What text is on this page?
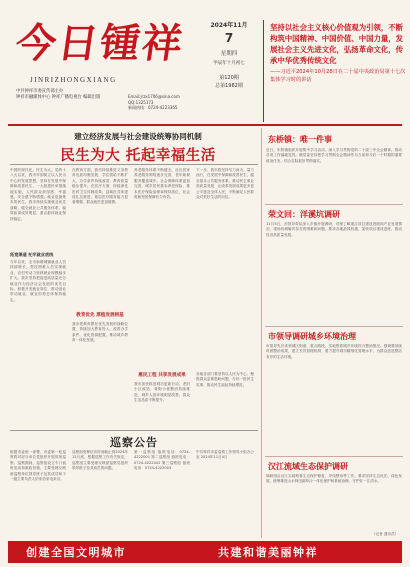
今日锺祥
JINRIZHONGXIANG
中共钟祥市委宣传部主办
钟祥市融媒体中心 钟祥广播电视台 编辑出版	Email:jrzx1706@sina.com
QQ:1325173
新闻热线：0724-4223365
2024年11月
7
星期四
甲辰年十月初七
第120期
总第1982期
坚持以社会主义核心价值观为引领，不断构筑中国精神、中国价值、中国力量，发展社会主义先进文化，弘扬革命文化，传承中华优秀传统文化
——习近平2024年10月28日在二十届中央政治局第十七次集体学习时的讲话
建立经济发展与社会建设统筹协同机制
民生为大 托起幸福生活
中国的现代化，民生为大。党的十八大以来，我市牢固树立以人民为中心的发展思想，坚持在发展中保障和改善民生，一大批惠民举措落地实施，人民群众获得感、幸福感、安全感不断增强。就业是最基本的民生。我市持续实施就业优先战略，健全就业公共服务体系，稳岗拓岗成效明显，重点群体就业保持稳定。
拓宽渠道 托牢就业底线
今年以来，全市新增城镇就业人员持续增长，帮扶困难人员实现就业，农村劳动力转移就业规模稳步扩大。我市坚持把促进高质量充分就业作为经济社会发展的优先目标，积极开发就业岗位，推动创业带动就业，就业形势总体保持稳定。
在教育方面，我市持续推进义务教育优质均衡发展，学位供给不断扩大，办学条件持续改善，教育质量稳步提升。在医疗方面，持续深化医药卫生体制改革，县域医共体建设扎实推进，基层医疗服务能力显著增强，群众就医更加便捷。
教育优先 厚植发展根基
我市把教育摆在优先发展的战略位置，持续加大教育投入，改善办学条件，优化资源配置，推动城乡教育一体化发展。
养老服务体系不断健全，社区居家养老服务网络逐步完善，老年助餐服务覆盖城乡。社会保障体系更加完善，城乡居民基本养老保险、基本医疗保险参保率保持高位，社会救助兜底保障有力有效。
惠民工程 共享发展成果
我市加快推进城市更新行动，老旧小区改造、背街小巷整治持续推进，城乡人居环境明显改善，群众生活品质不断提升。
下一步，我市将坚持尽力而为、量力而行，在发展中保障和改善民生，健全基本公共服务体系，推动民生事业高质量发展，让改革发展成果更多更公平惠及全体人民，不断满足人民群众对美好生活的向往。
各地各部门要坚持以人民为中心，聚焦群众急难愁盼问题，办好一批民生实事，推动民生福祉持续增进。
巡察公告
根据市委统一部署，市委第一轮巡察将对部分单位党组织开展常规巡察。巡察期间，巡察组设立专门值班电话和邮政信箱，主要受理反映被巡察单位领导班子及其成员和下一级主要负责人的来信来电来访。
巡察组受理信访时间截止到2024年12月底。根据巡察工作有关规定，巡察组主要受理反映被巡察党组织领导班子及其成员的问题。
第一巡察组 值班电话：0724-4222001 第二巡察组 值班电话：0724-4222002 第三巡察组 值班电话：0724-4222003
中共钟祥市委巡察工作领导小组办公室 2024年11月4日
东桥镇：唯一件事
近日，东桥镇组织开展集中学习活动，深入学习贯彻党的二十届三中全会精神，推动各项工作落地见效。镇党委坚持把学习贯彻全会精神作为当前和今后一个时期的重要政治任务，结合实际抓好贯彻落实。
荣文回：洋溪坑调研
11月5日，市领导带队深入乡镇开展调研，详细了解重点项目建设进展和产业发展情况，现场协调解决存在的困难和问题，要求各地抢抓机遇，加快项目建设进度，推动经济高质量发展。
市领导调研城乡环境治理
市领导先后来到城区街道、重点路段，实地察看城乡环境综合整治情况。强调要持续巩固整治成果，建立长效管理机制，着力提升城市精细化管理水平，为群众创造整洁有序的生活环境。
汉江流域生态保护调研
调研组沿汉江实地察看生态保护修复、岸线整治等工作，要求坚持生态优先、绿色发展，统筹推进山水林田湖草沙一体化保护和系统治理，守护好一江清水。
（记者 通讯员）
创建全国文明城市	共建和谐美丽钟祥
